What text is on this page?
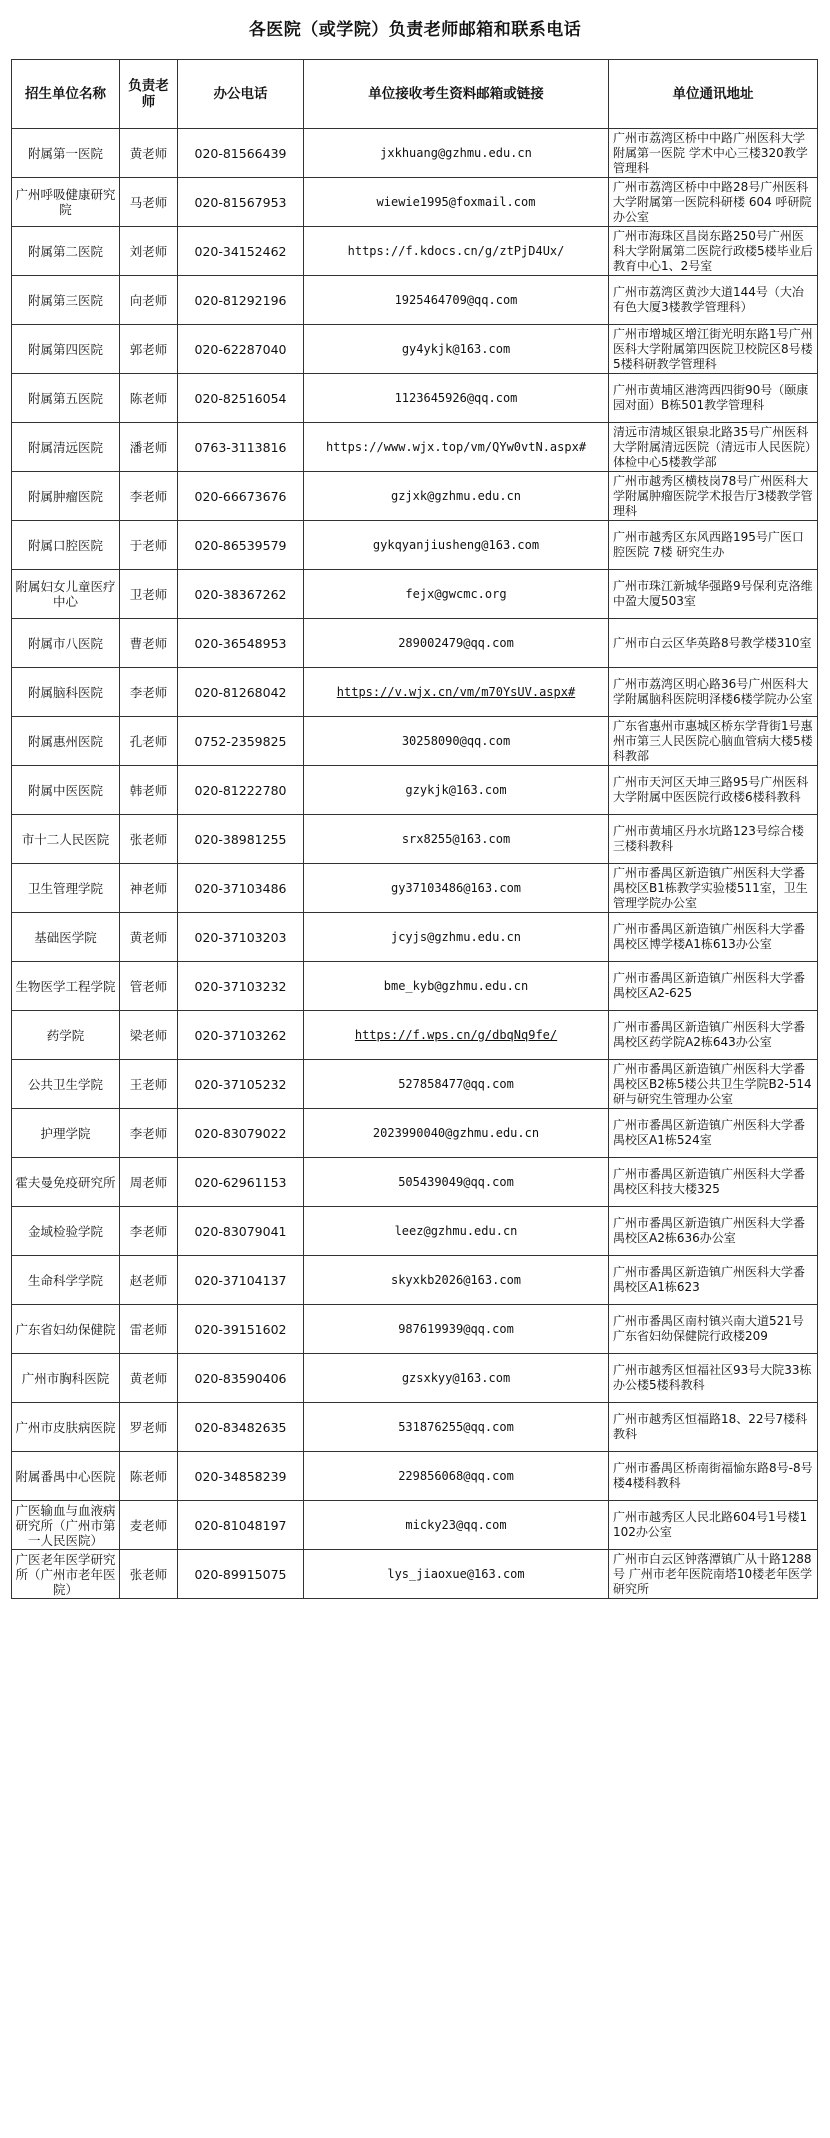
各医院（或学院）负责老师邮箱和联系电话
招生单位名称	负责老师	办公电话	单位接收考生资料邮箱或链接	单位通讯地址
附属第一医院	黄老师	020-81566439	jxkhuang@gzhmu.edu.cn	广州市荔湾区桥中中路广州医科大学附属第一医院 学术中心三楼320教学管理科
广州呼吸健康研究院	马老师	020-81567953	wiewie1995@foxmail.com	广州市荔湾区桥中中路28号广州医科大学附属第一医院科研楼 604 呼研院办公室
附属第二医院	刘老师	020-34152462	https://f.kdocs.cn/g/ztPjD4Ux/	广州市海珠区昌岗东路250号广州医科大学附属第二医院行政楼5楼毕业后教育中心1、2号室
附属第三医院	向老师	020-81292196	1925464709@qq.com	广州市荔湾区黄沙大道144号（大冶有色大厦3楼教学管理科）
附属第四医院	郭老师	020-62287040	gy4ykjk@163.com	广州市增城区增江街光明东路1号广州医科大学附属第四医院卫校院区8号楼5楼科研教学管理科
附属第五医院	陈老师	020-82516054	1123645926@qq.com	广州市黄埔区港湾西四街90号（颐康园对面）B栋501教学管理科
附属清远医院	潘老师	0763-3113816	https://www.wjx.top/vm/QYw0vtN.aspx#	清远市清城区银泉北路35号广州医科大学附属清远医院（清远市人民医院）体检中心5楼教学部
附属肿瘤医院	李老师	020-66673676	gzjxk@gzhmu.edu.cn	广州市越秀区横枝岗78号广州医科大学附属肿瘤医院学术报告厅3楼教学管理科
附属口腔医院	于老师	020-86539579	gykqyanjiusheng@163.com	广州市越秀区东风西路195号广医口腔医院 7楼 研究生办
附属妇女儿童医疗中心	卫老师	020-38367262	fejx@gwcmc.org	广州市珠江新城华强路9号保利克洛维中盈大厦503室
附属市八医院	曹老师	020-36548953	289002479@qq.com	广州市白云区华英路8号教学楼310室
附属脑科医院	李老师	020-81268042	https://v.wjx.cn/vm/m70YsUV.aspx#	广州市荔湾区明心路36号广州医科大学附属脑科医院明泽楼6楼学院办公室
附属惠州医院	孔老师	0752-2359825	30258090@qq.com	广东省惠州市惠城区桥东学背街1号惠州市第三人民医院心脑血管病大楼5楼科教部
附属中医医院	韩老师	020-81222780	gzykjk@163.com	广州市天河区天坤三路95号广州医科大学附属中医医院行政楼6楼科教科
市十二人民医院	张老师	020-38981255	srx8255@163.com	广州市黄埔区丹水坑路123号综合楼三楼科教科
卫生管理学院	神老师	020-37103486	gy37103486@163.com	广州市番禺区新造镇广州医科大学番禺校区B1栋教学实验楼511室，卫生管理学院办公室
基础医学院	黄老师	020-37103203	jcyjs@gzhmu.edu.cn	广州市番禺区新造镇广州医科大学番禺校区博学楼A1栋613办公室
生物医学工程学院	管老师	020-37103232	bme_kyb@gzhmu.edu.cn	广州市番禺区新造镇广州医科大学番禺校区A2-625
药学院	梁老师	020-37103262	https://f.wps.cn/g/dbqNq9fe/	广州市番禺区新造镇广州医科大学番禺校区药学院A2栋643办公室
公共卫生学院	王老师	020-37105232	527858477@qq.com	广州市番禺区新造镇广州医科大学番禺校区B2栋5楼公共卫生学院B2-514研与研究生管理办公室
护理学院	李老师	020-83079022	2023990040@gzhmu.edu.cn	广州市番禺区新造镇广州医科大学番禺校区A1栋524室
霍夫曼免疫研究所	周老师	020-62961153	505439049@qq.com	广州市番禺区新造镇广州医科大学番禺校区科技大楼325
金域检验学院	李老师	020-83079041	leez@gzhmu.edu.cn	广州市番禺区新造镇广州医科大学番禺校区A2栋636办公室
生命科学学院	赵老师	020-37104137	skyxkb2026@163.com	广州市番禺区新造镇广州医科大学番禺校区A1栋623
广东省妇幼保健院	雷老师	020-39151602	987619939@qq.com	广州市番禺区南村镇兴南大道521号广东省妇幼保健院行政楼209
广州市胸科医院	黄老师	020-83590406	gzsxkyy@163.com	广州市越秀区恒福社区93号大院33栋办公楼5楼科教科
广州市皮肤病医院	罗老师	020-83482635	531876255@qq.com	广州市越秀区恒福路18、22号7楼科教科
附属番禺中心医院	陈老师	020-34858239	229856068@qq.com	广州市番禺区桥南街福愉东路8号-8号楼4楼科教科
广医输血与血液病研究所（广州市第一人民医院）	麦老师	020-81048197	micky23@qq.com	广州市越秀区人民北路604号1号楼1102办公室
广医老年医学研究所（广州市老年医院）	张老师	020-89915075	lys_jiaoxue@163.com	广州市白云区钟落潭镇广从十路1288号 广州市老年医院南塔10楼老年医学研究所
